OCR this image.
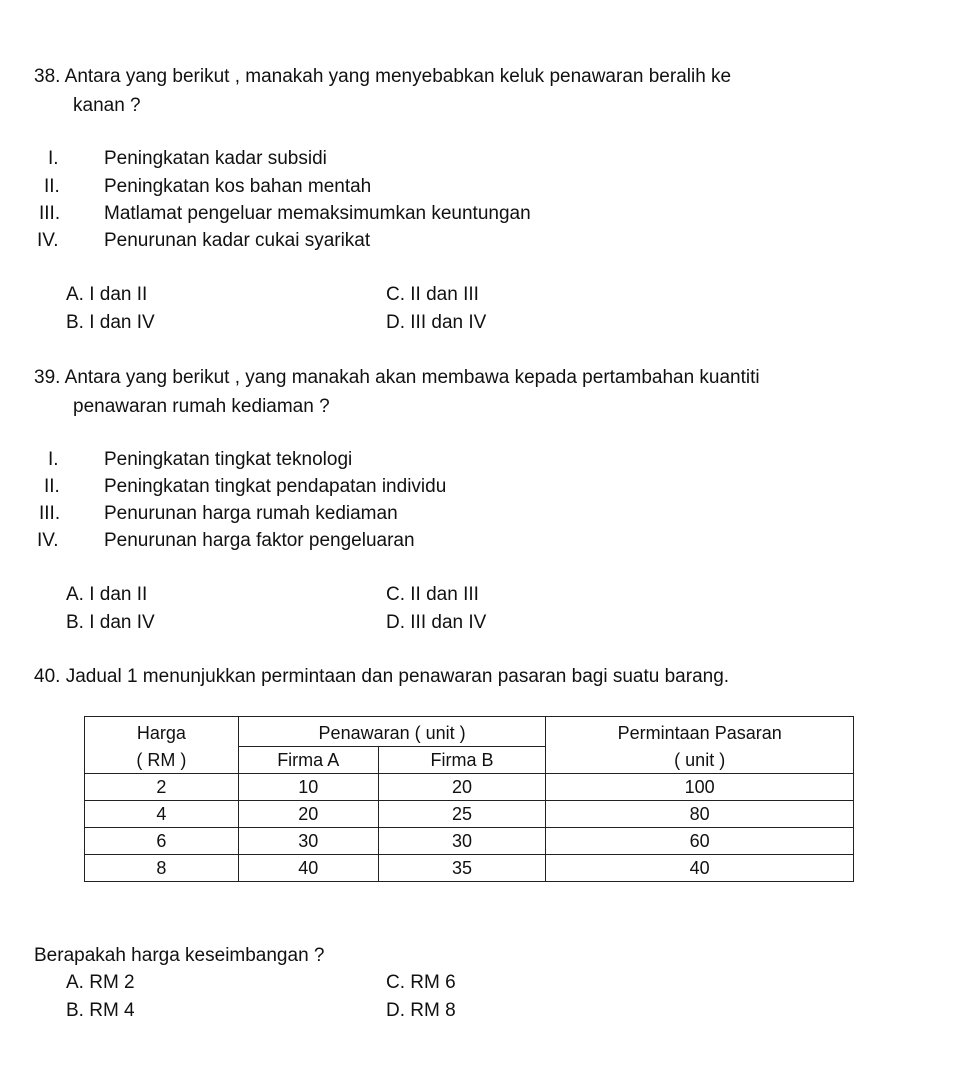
38. Antara yang berikut , manakah yang menyebabkan keluk penawaran beralih ke
kanan ?
I. Peningkatan kadar subsidi
II. Peningkatan kos bahan mentah
III. Matlamat pengeluar memaksimumkan keuntungan
IV. Penurunan kadar cukai syarikat
A. I dan II	C. II dan III
B. I dan IV	D. III dan IV
39. Antara yang berikut , yang manakah akan membawa kepada pertambahan kuantiti
penawaran rumah kediaman ?
I. Peningkatan tingkat teknologi
II. Peningkatan tingkat pendapatan individu
III. Penurunan harga rumah kediaman
IV. Penurunan harga faktor pengeluaran
A. I dan II	C. II dan III
B. I dan IV	D. III dan IV
40. Jadual 1 menunjukkan permintaan dan penawaran pasaran bagi suatu barang.
Harga	Penawaran ( unit )		Permintaan Pasaran
( RM )	Firma A	Firma B	( unit )
2	10	20	100
4	20	25	80
6	30	30	60
8	40	35	40
Berapakah harga keseimbangan ?
A. RM 2	C. RM 6
B. RM 4	D. RM 8
